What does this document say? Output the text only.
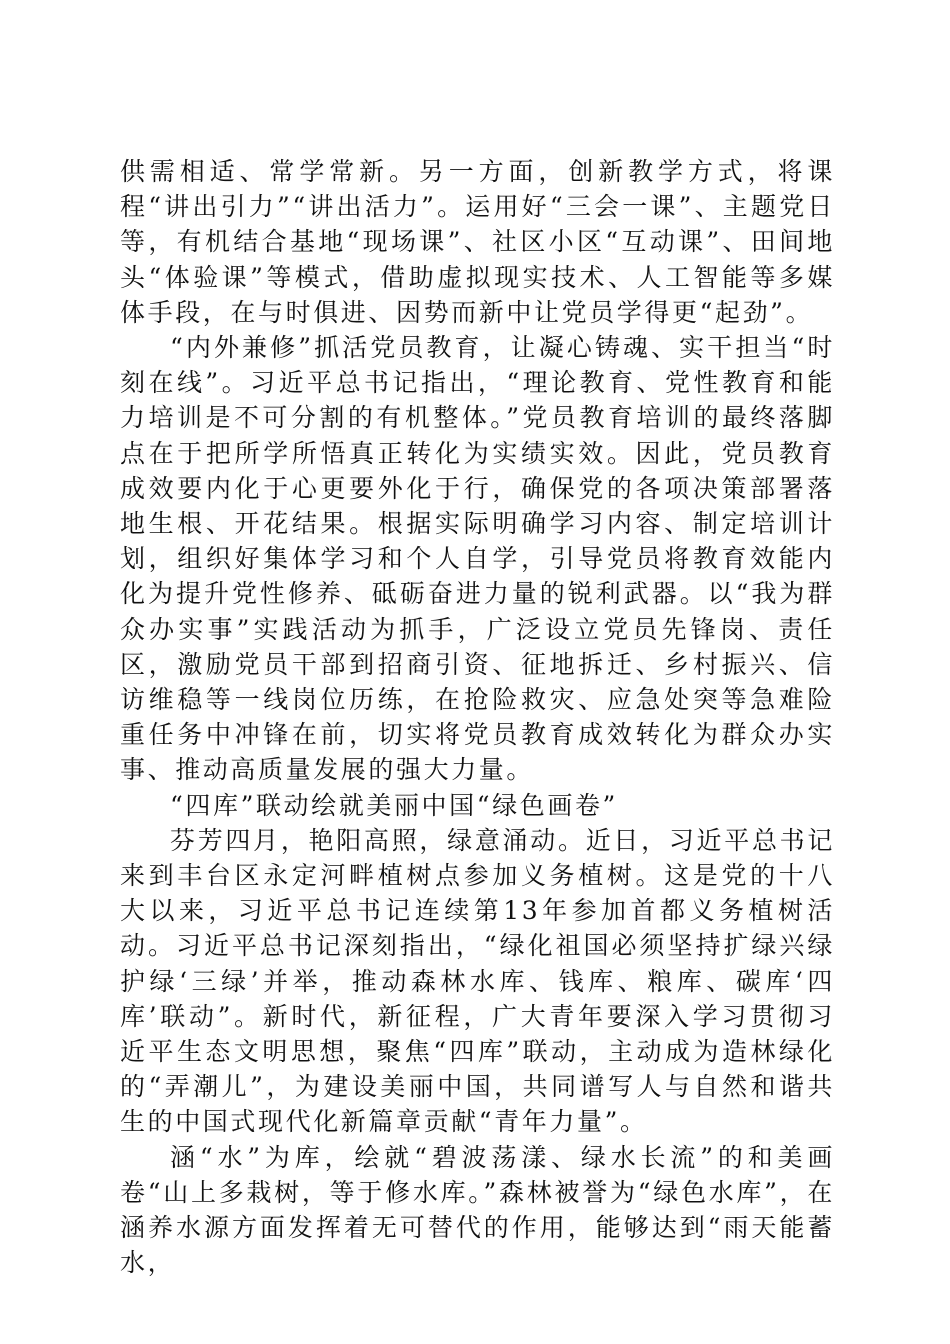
供需相适、常学常新。另一方面，创新教学方式，将课程“讲出引力”“讲出活力”。运用好“三会一课”、主题党日等，有机结合基地“现场课”、社区小区“互动课”、田间地头“体验课”等模式，借助虚拟现实技术、人工智能等多媒体手段，在与时俱进、因势而新中让党员学得更“起劲”。

“内外兼修”抓活党员教育，让凝心铸魂、实干担当“时刻在线”。习近平总书记指出，“理论教育、党性教育和能力培训是不可分割的有机整体。”党员教育培训的最终落脚点在于把所学所悟真正转化为实绩实效。因此，党员教育成效要内化于心更要外化于行，确保党的各项决策部署落地生根、开花结果。根据实际明确学习内容、制定培训计划，组织好集体学习和个人自学，引导党员将教育效能内化为提升党性修养、砥砺奋进力量的锐利武器。以“我为群众办实事”实践活动为抓手，广泛设立党员先锋岗、责任区，激励党员干部到招商引资、征地拆迁、乡村振兴、信访维稳等一线岗位历练，在抢险救灾、应急处突等急难险重任务中冲锋在前，切实将党员教育成效转化为群众办实事、推动高质量发展的强大力量。

“四库”联动绘就美丽中国“绿色画卷”

芬芳四月，艳阳高照，绿意涌动。近日，习近平总书记来到丰台区永定河畔植树点参加义务植树。这是党的十八大以来，习近平总书记连续第13年参加首都义务植树活动。习近平总书记深刻指出，“绿化祖国必须坚持扩绿兴绿护绿‘三绿’并举，推动森林水库、钱库、粮库、碳库‘四库’联动”。新时代，新征程，广大青年要深入学习贯彻习近平生态文明思想，聚焦“四库”联动，主动成为造林绿化的“弄潮儿”，为建设美丽中国，共同谱写人与自然和谐共生的中国式现代化新篇章贡献“青年力量”。

涵“水”为库，绘就“碧波荡漾、绿水长流”的和美画卷“山上多栽树，等于修水库。”森林被誉为“绿色水库”，在涵养水源方面发挥着无可替代的作用，能够达到“雨天能蓄水，
